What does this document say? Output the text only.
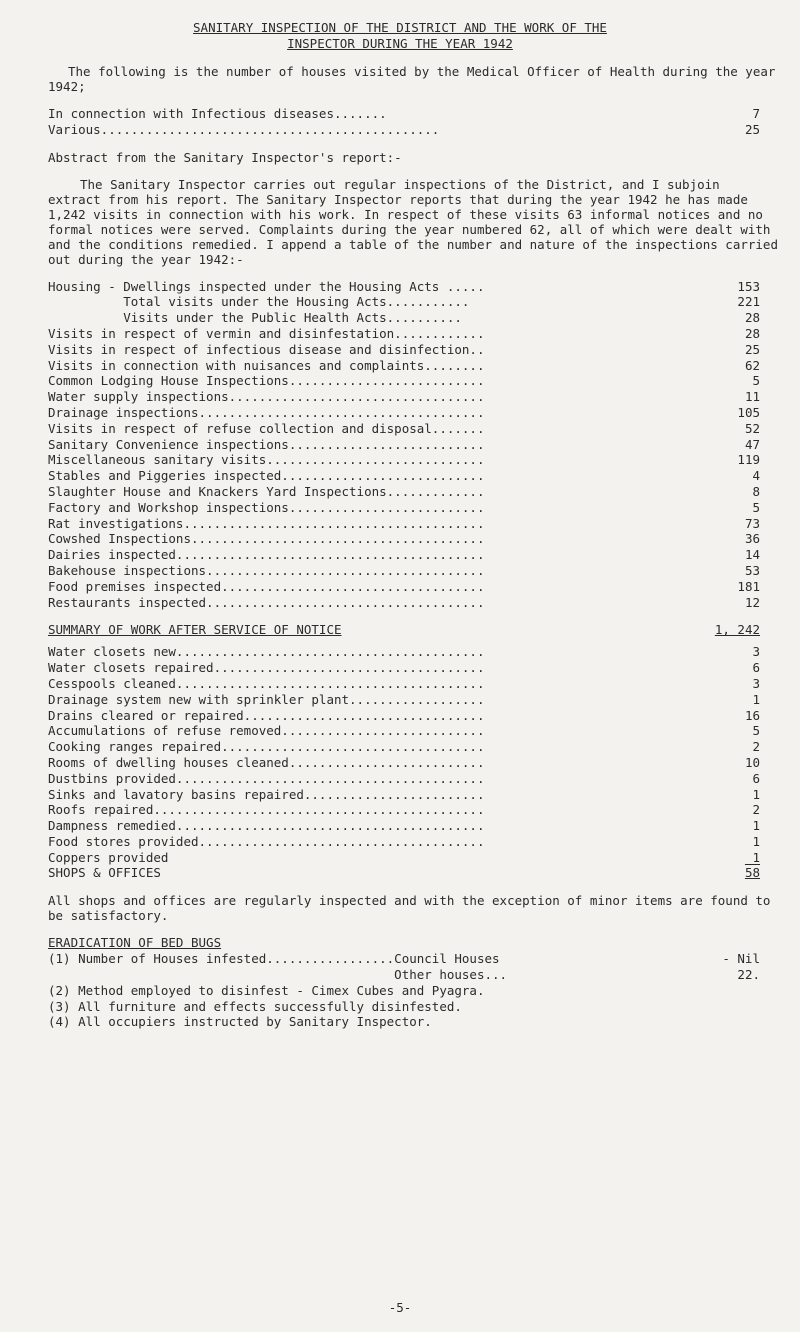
SANITARY INSPECTION OF THE DISTRICT AND THE WORK OF THE
INSPECTOR DURING THE YEAR 1942

The following is the number of houses visited by the Medical Officer of Health during the year 1942;

In connection with Infectious diseases.......	7
Various.............................................	25

Abstract from the Sanitary Inspector's report:-

The Sanitary Inspector carries out regular inspections of the District, and I subjoin extract from his report. The Sanitary Inspector reports that during the year 1942 he has made 1,242 visits in connection with his work. In respect of these visits 63 informal notices and no formal notices were served. Complaints during the year numbered 62, all of which were dealt with and the conditions remedied. I append a table of the number and nature of the inspections carried out during the year 1942:-

Housing - Dwellings inspected under the Housing Acts .....	153
Total visits under the Housing Acts...........	221
Visits under the Public Health Acts..........	28
Visits in respect of vermin and disinfestation............	28
Visits in respect of infectious disease and disinfection..	25
Visits in connection with nuisances and complaints........	62
Common Lodging House Inspections..........................	5
Water supply inspections..................................	11
Drainage inspections......................................	105
Visits in respect of refuse collection and disposal.......	52
Sanitary Convenience inspections..........................	47
Miscellaneous sanitary visits.............................	119
Stables and Piggeries inspected...........................	4
Slaughter House and Knackers Yard Inspections.............	8
Factory and Workshop inspections..........................	5
Rat investigations........................................	73
Cowshed Inspections.......................................	36
Dairies inspected.........................................	14
Bakehouse inspections.....................................	53
Food premises inspected...................................	181
Restaurants inspected.....................................	12
SUMMARY OF WORK AFTER SERVICE OF NOTICE	1, 242
Water closets new.........................................	3
Water closets repaired....................................	6
Cesspools cleaned.........................................	3
Drainage system new with sprinkler plant..................	1
Drains cleared or repaired................................	16
Accumulations of refuse removed...........................	5
Cooking ranges repaired...................................	2
Rooms of dwelling houses cleaned..........................	10
Dustbins provided.........................................	6
Sinks and lavatory basins repaired........................	1
Roofs repaired............................................	2
Dampness remedied.........................................	1
Food stores provided......................................	1
Coppers provided	1
SHOPS & OFFICES	58

All shops and offices are regularly inspected and with the exception of minor items are found to be satisfactory.

ERADICATION OF BED BUGS
(1) Number of Houses infested.................Council Houses	- Nil
Other houses...	22.
(2) Method employed to disinfest - Cimex Cubes and Pyagra.
(3) All furniture and effects successfully disinfested.
(4) All occupiers instructed by Sanitary Inspector.
-5-
